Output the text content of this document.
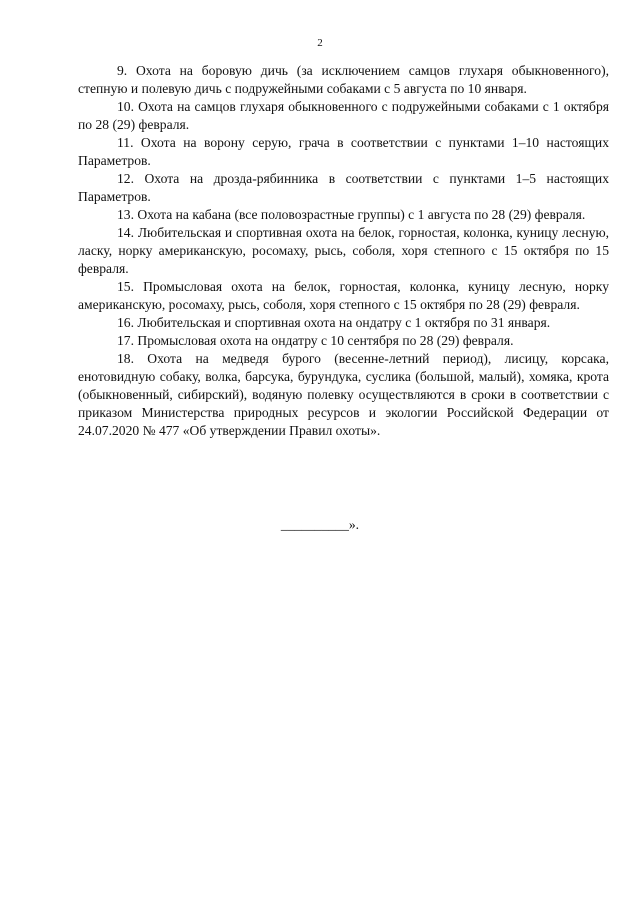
2

9. Охота на боровую дичь (за исключением самцов глухаря обыкновенного), степную и полевую дичь с подружейными собаками с 5 августа по 10 января.

10. Охота на самцов глухаря обыкновенного с подружейными собаками с 1 октября по 28 (29) февраля.

11. Охота на ворону серую, грача в соответствии с пунктами 1–10 настоящих Параметров.

12. Охота на дрозда-рябинника в соответствии с пунктами 1–5 настоящих Параметров.

13. Охота на кабана (все половозрастные группы) с 1 августа по 28 (29) февраля.

14. Любительская и спортивная охота на белок, горностая, колонка, куницу лесную, ласку, норку американскую, росомаху, рысь, соболя, хоря степного с 15 октября по 15 февраля.

15. Промысловая охота на белок, горностая, колонка, куницу лесную, норку американскую, росомаху, рысь, соболя, хоря степного с 15 октября по 28 (29) февраля.

16. Любительская и спортивная охота на ондатру с 1 октября по 31 января.

17. Промысловая охота на ондатру с 10 сентября по 28 (29) февраля.

18. Охота на медведя бурого (весенне-летний период), лисицу, корсака, енотовидную собаку, волка, барсука, бурундука, суслика (большой, малый), хомяка, крота (обыкновенный, сибирский), водяную полевку осуществляются в сроки в соответствии с приказом Министерства природных ресурсов и экологии Российской Федерации от 24.07.2020 № 477 «Об утверждении Правил охоты».

__________».
